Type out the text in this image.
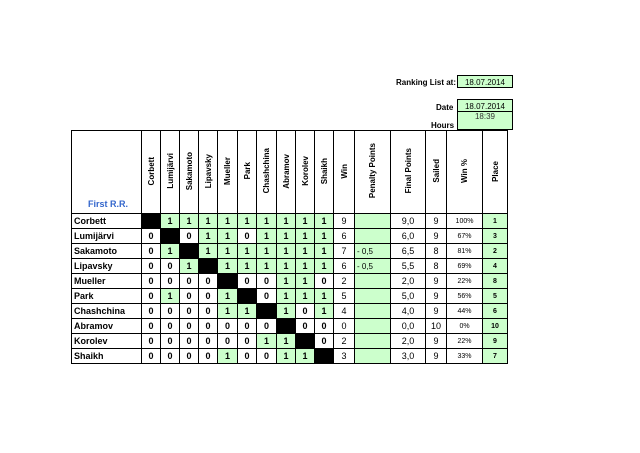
Ranking List at:	18.07.2014
Date	18.07.2014
Hours
18:39
First R.R.	Corbett	Lumijärvi	Sakamoto	Lipavsky	Mueller	Park	Chashchina	Abramov	Korolev	Shaikh	Win	Penalty Points	Final Points	Sailed	Win %	Place
Corbett		1	1	1	1	1	1	1	1	1	9		9,0	9	100%	1
Lumijärvi	0		0	1	1	0	1	1	1	1	6		6,0	9	67%	3
Sakamoto	0	1		1	1	1	1	1	1	1	7	- 0,5	6,5	8	81%	2
Lipavsky	0	0	1		1	1	1	1	1	1	6	- 0,5	5,5	8	69%	4
Mueller	0	0	0	0		0	0	1	1	0	2		2,0	9	22%	8
Park	0	1	0	0	1		0	1	1	1	5		5,0	9	56%	5
Chashchina	0	0	0	0	1	1		1	0	1	4		4,0	9	44%	6
Abramov	0	0	0	0	0	0	0		0	0	0		0,0	10	0%	10
Korolev	0	0	0	0	0	0	1	1		0	2		2,0	9	22%	9
Shaikh	0	0	0	0	1	0	0	1	1		3		3,0	9	33%	7
